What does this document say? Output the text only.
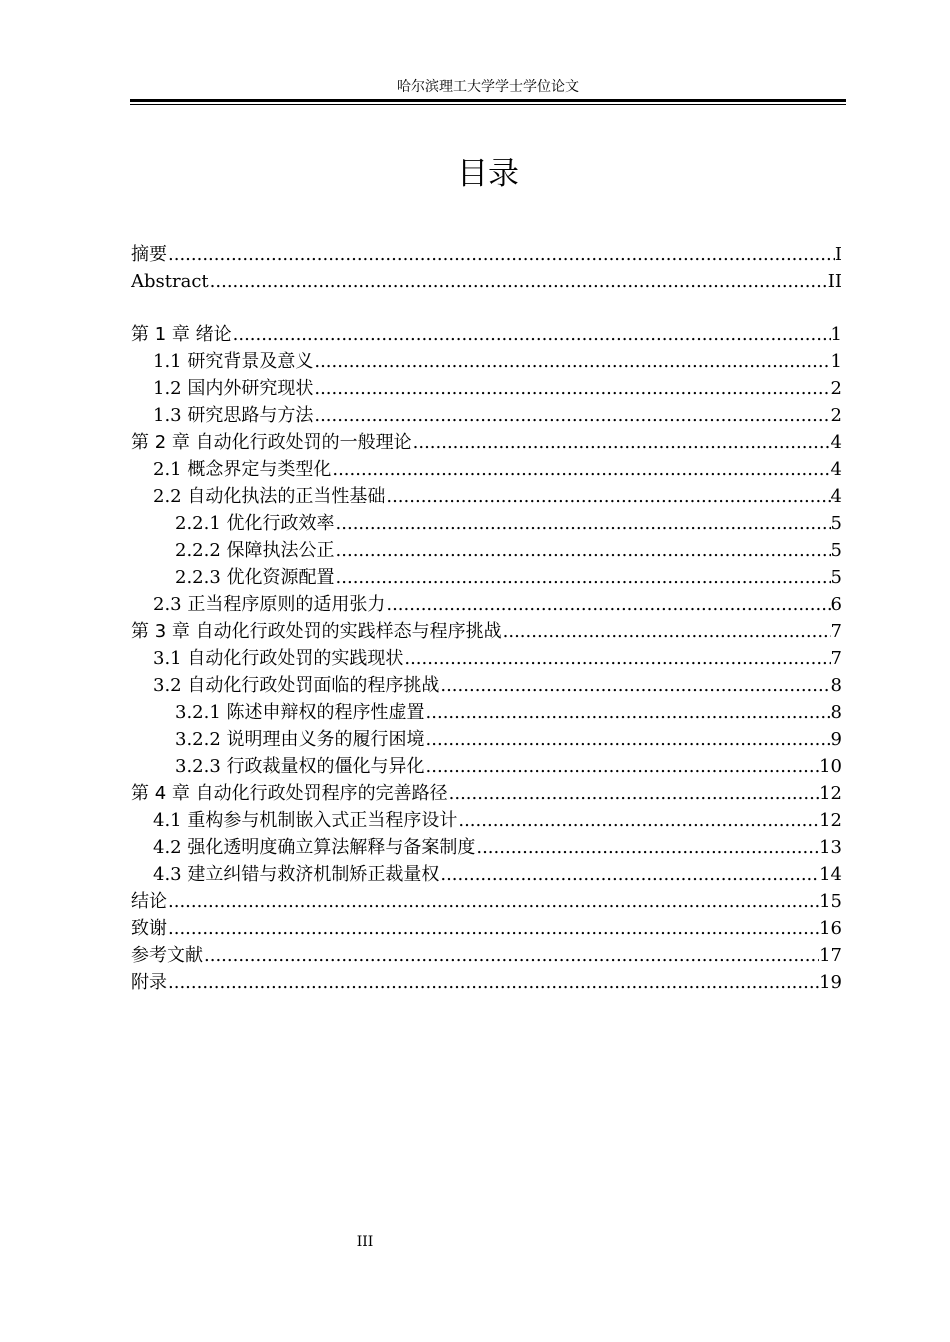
哈尔滨理工大学学士学位论文
目录
摘要 .....	I
Abstract .....	II
第 1 章 绪论 .....	1
1.1 研究背景及意义 .....	1
1.2 国内外研究现状 .....	2
1.3 研究思路与方法 .....	2
第 2 章 自动化行政处罚的一般理论 .....	4
2.1 概念界定与类型化 .....	4
2.2 自动化执法的正当性基础 .....	4
2.2.1 优化行政效率 .....	5
2.2.2 保障执法公正 .....	5
2.2.3 优化资源配置 .....	5
2.3 正当程序原则的适用张力 .....	6
第 3 章 自动化行政处罚的实践样态与程序挑战 .....	7
3.1 自动化行政处罚的实践现状 .....	7
3.2 自动化行政处罚面临的程序挑战 .....	8
3.2.1 陈述申辩权的程序性虚置 .....	8
3.2.2 说明理由义务的履行困境 .....	9
3.2.3 行政裁量权的僵化与异化 .....	10
第 4 章 自动化行政处罚程序的完善路径 .....	12
4.1 重构参与机制嵌入式正当程序设计 .....	12
4.2 强化透明度确立算法解释与备案制度 .....	13
4.3 建立纠错与救济机制矫正裁量权 .....	14
结论 .....	15
致谢 .....	16
参考文献 .....	17
附录 .....	19
III
